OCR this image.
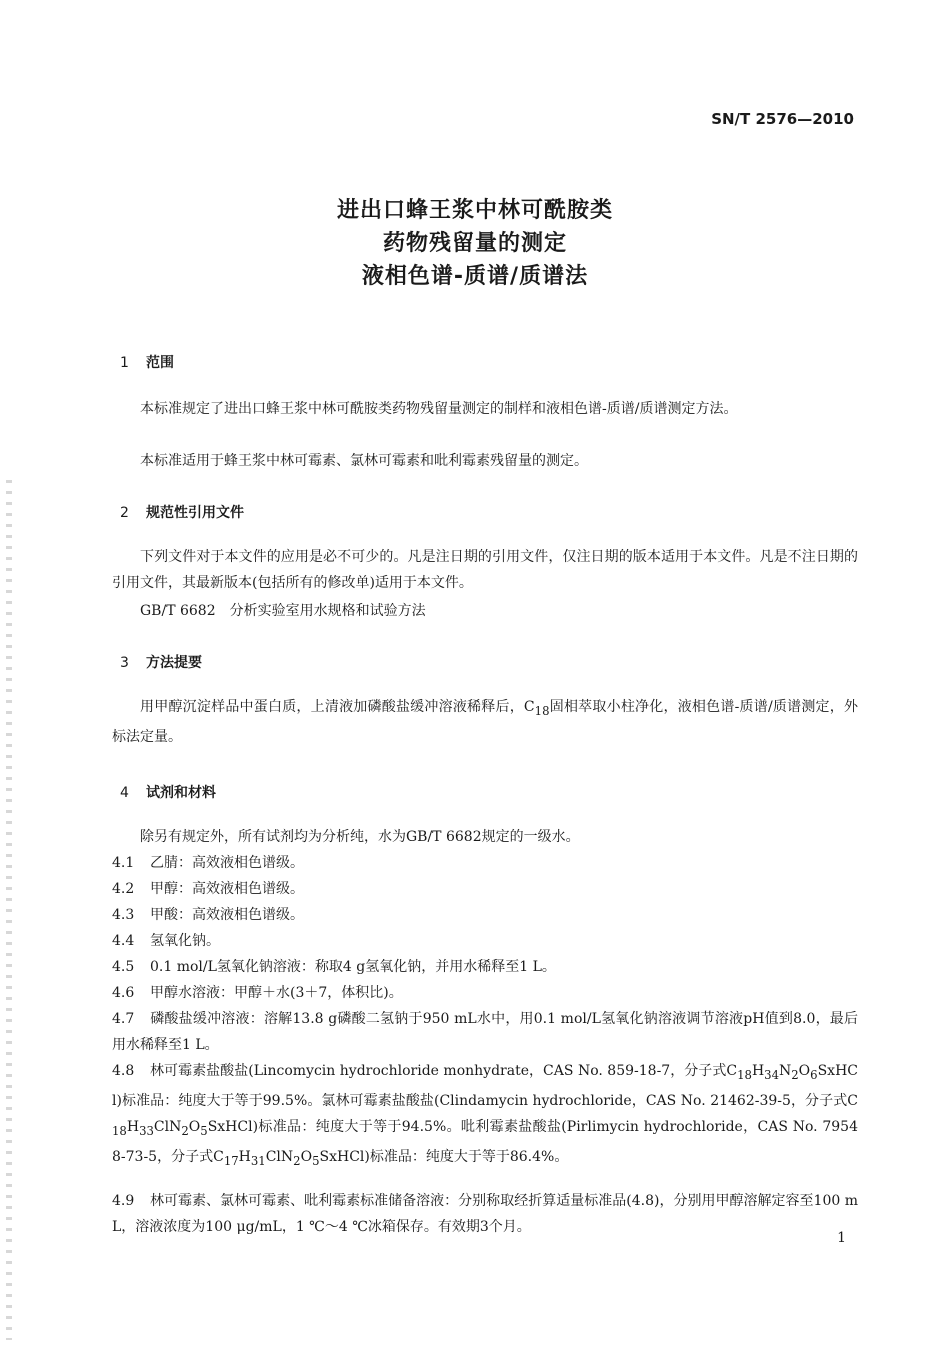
SN/T 2576—2010
进出口蜂王浆中林可酰胺类
药物残留量的测定
液相色谱-质谱/质谱法
1 范围
本标准规定了进出口蜂王浆中林可酰胺类药物残留量测定的制样和液相色谱-质谱/质谱测定方法。
本标准适用于蜂王浆中林可霉素、氯林可霉素和吡利霉素残留量的测定。
2 规范性引用文件
下列文件对于本文件的应用是必不可少的。凡是注日期的引用文件，仅注日期的版本适用于本文件。凡是不注日期的引用文件，其最新版本(包括所有的修改单)适用于本文件。
GB/T 6682　分析实验室用水规格和试验方法
3 方法提要
用甲醇沉淀样品中蛋白质，上清液加磷酸盐缓冲溶液稀释后，$C_{18}$固相萃取小柱净化，液相色谱-质谱/质谱测定，外标法定量。
4 试剂和材料
除另有规定外，所有试剂均为分析纯，水为GB/T 6682规定的一级水。
4.1 乙腈：高效液相色谱级。
4.2 甲醇：高效液相色谱级。
4.3 甲酸：高效液相色谱级。
4.4 氢氧化钠。
4.5 0.1 mol/L氢氧化钠溶液：称取4 g氢氧化钠，并用水稀释至1 L。
4.6 甲醇水溶液：甲醇＋水(3＋7，体积比)。
4.7 磷酸盐缓冲溶液：溶解13.8 g磷酸二氢钠于950 mL水中，用0.1 mol/L氢氧化钠溶液调节溶液pH值到8.0，最后用水稀释至1 L。
4.8 林可霉素盐酸盐(Lincomycin hydrochloride monhydrate，CAS No. 859-18-7，分子式$C_{18}H_{34}N_2O_6SxHCl$)标准品：纯度大于等于99.5%。氯林可霉素盐酸盐(Clindamycin hydrochloride，CAS No. 21462-39-5，分子式$C_{18}H_{33}ClN_2O_5SxHCl$)标准品：纯度大于等于94.5%。吡利霉素盐酸盐(Pirlimycin hydrochloride，CAS No. 79548-73-5，分子式$C_{17}H_{31}ClN_2O_5SxHCl$)标准品：纯度大于等于86.4%。
4.9 林可霉素、氯林可霉素、吡利霉素标准储备溶液：分别称取经折算适量标准品(4.8)，分别用甲醇溶解定容至100 mL，溶液浓度为100 μg/mL，1 ℃～4 ℃冰箱保存。有效期3个月。
1
